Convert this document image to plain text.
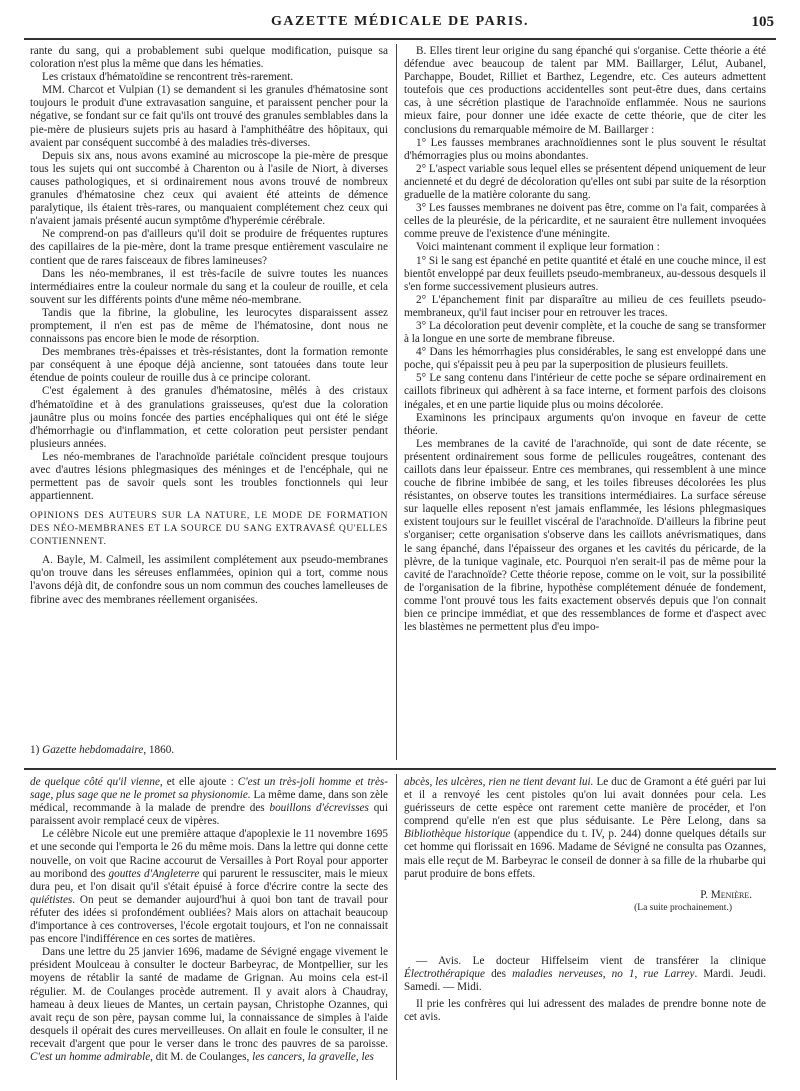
GAZETTE MÉDICALE DE PARIS.	105

rante du sang, qui a probablement subi quelque modification, puisque sa coloration n'est plus la même que dans les hématies.

Les cristaux d'hématoïdine se rencontrent très-rarement.

MM. Charcot et Vulpian (1) se demandent si les granules d'hématosine sont toujours le produit d'une extravasation sanguine, et paraissent pencher pour la négative, se fondant sur ce fait qu'ils ont trouvé des granules semblables dans la pie-mère de plusieurs sujets pris au hasard à l'amphithéâtre des hôpitaux, qui avaient par conséquent succombé à des maladies très-diverses.

Depuis six ans, nous avons examiné au microscope la pie-mère de presque tous les sujets qui ont succombé à Charenton ou à l'asile de Niort, à diverses causes pathologiques, et si ordinairement nous avons trouvé de nombreux granules d'hématosine chez ceux qui avaient été atteints de démence paralytique, ils étaient très-rares, ou manquaient complétement chez ceux qui n'avaient jamais présenté aucun symptôme d'hyperémie cérébrale.

Ne comprend-on pas d'ailleurs qu'il doit se produire de fréquentes ruptures des capillaires de la pie-mère, dont la trame presque entièrement vasculaire ne contient que de rares faisceaux de fibres lamineuses?

Dans les néo-membranes, il est très-facile de suivre toutes les nuances intermédiaires entre la couleur normale du sang et la couleur de rouille, et cela souvent sur les différents points d'une même néo-membrane.

Tandis que la fibrine, la globuline, les leurocytes disparaissent assez promptement, il n'en est pas de même de l'hématosine, dont nous ne connaissons pas encore bien le mode de résorption.

Des membranes très-épaisses et très-résistantes, dont la formation remonte par conséquent à une époque déjà ancienne, sont tatouées dans toute leur étendue de points couleur de rouille dus à ce principe colorant.

C'est également à des granules d'hématosine, mêlés à des cristaux d'hématoïdine et à des granulations graisseuses, qu'est due la coloration jaunâtre plus ou moins foncée des parties encéphaliques qui ont été le siége d'hémorrhagie ou d'inflammation, et cette coloration peut persister pendant plusieurs années.

Les néo-membranes de l'arachnoïde pariétale coïncident presque toujours avec d'autres lésions phlegmasiques des méninges et de l'encéphale, qui ne permettent pas de savoir quels sont les troubles fonctionnels qui leur appartiennent.

OPINIONS DES AUTEURS SUR LA NATURE, LE MODE DE FORMATION DES NÉO-MEMBRANES ET LA SOURCE DU SANG EXTRAVASÉ QU'ELLES CONTIENNENT.

A. Bayle, M. Calmeil, les assimilent complétement aux pseudo-membranes qu'on trouve dans les séreuses enflammées, opinion qui a tort, comme nous l'avons déjà dit, de confondre sous un nom commun des couches lamelleuses de fibrine avec des membranes réellement organisées.

1) Gazette hebdomadaire, 1860.

B. Elles tirent leur origine du sang épanché qui s'organise. Cette théorie a été défendue avec beaucoup de talent par MM. Baillarger, Lélut, Aubanel, Parchappe, Boudet, Rilliet et Barthez, Legendre, etc. Ces auteurs admettent toutefois que ces productions accidentelles sont peut-être dues, dans certains cas, à une sécrétion plastique de l'arachnoïde enflammée. Nous ne saurions mieux faire, pour donner une idée exacte de cette théorie, que de citer les conclusions du remarquable mémoire de M. Baillarger :

1° Les fausses membranes arachnoïdiennes sont le plus souvent le résultat d'hémorragies plus ou moins abondantes.

2° L'aspect variable sous lequel elles se présentent dépend uniquement de leur ancienneté et du degré de décoloration qu'elles ont subi par suite de la résorption graduelle de la matière colorante du sang.

3° Les fausses membranes ne doivent pas être, comme on l'a fait, comparées à celles de la pleurésie, de la péricardite, et ne sauraient être nullement invoquées comme preuve de l'existence d'une méningite.

Voici maintenant comment il explique leur formation :

1° Si le sang est épanché en petite quantité et étalé en une couche mince, il est bientôt enveloppé par deux feuillets pseudo-membraneux, au-dessous desquels il s'en forme successivement plusieurs autres.

2° L'épanchement finit par disparaître au milieu de ces feuillets pseudo-membraneux, qu'il faut inciser pour en retrouver les traces.

3° La décoloration peut devenir complète, et la couche de sang se transformer à la longue en une sorte de membrane fibreuse.

4° Dans les hémorrhagies plus considérables, le sang est enveloppé dans une poche, qui s'épaissit peu à peu par la superposition de plusieurs feuillets.

5° Le sang contenu dans l'intérieur de cette poche se sépare ordinairement en caillots fibrineux qui adhèrent à sa face interne, et forment parfois des cloisons inégales, et en une partie liquide plus ou moins décolorée.

Examinons les principaux arguments qu'on invoque en faveur de cette théorie.

Les membranes de la cavité de l'arachnoïde, qui sont de date récente, se présentent ordinairement sous forme de pellicules rougeâtres, contenant des caillots dans leur épaisseur. Entre ces membranes, qui ressemblent à une mince couche de fibrine imbibée de sang, et les toiles fibreuses décolorées les plus résistantes, on observe toutes les transitions intermédiaires. La surface séreuse sur laquelle elles reposent n'est jamais enflammée, les lésions phlegmasiques existent toujours sur le feuillet viscéral de l'arachnoïde. D'ailleurs la fibrine peut s'organiser; cette organisation s'observe dans les caillots anévrismatiques, dans le sang épanché, dans l'épaisseur des organes et les cavités du péricarde, de la plèvre, de la tunique vaginale, etc. Pourquoi n'en serait-il pas de même pour la cavité de l'arachnoïde? Cette théorie repose, comme on le voit, sur la possibilité de l'organisation de la fibrine, hypothèse complétement dénuée de fondement, comme l'ont prouvé tous les faits exactement observés depuis que l'on connait bien ce principe immédiat, et que des ressemblances de forme et d'aspect avec les blastèmes ne permettent plus d'eu impo-

de quelque côté qu'il vienne, et elle ajoute : C'est un très-joli homme et très-sage, plus sage que ne le promet sa physionomie. La même dame, dans son zèle médical, recommande à la malade de prendre des bouillons d'écrevisses qui paraissent avoir remplacé ceux de vipères.

Le célèbre Nicole eut une première attaque d'apoplexie le 11 novembre 1695 et une seconde qui l'emporta le 26 du même mois. Dans la lettre qui donne cette nouvelle, on voit que Racine accourut de Versailles à Port Royal pour apporter au moribond des gouttes d'Angleterre qui parurent le ressusciter, mais le mieux dura peu, et l'on disait qu'il s'était épuisé à force d'écrire contre la secte des quiétistes. On peut se demander aujourd'hui à quoi bon tant de travail pour réfuter des idées si profondément oubliées? Mais alors on attachait beaucoup d'importance à ces controverses, l'école ergotait toujours, et l'on ne connaissait pas encore l'indifférence en ces sortes de matières.

Dans une lettre du 25 janvier 1696, madame de Sévigné engage vivement le président Moulceau à consulter le docteur Barbeyrac, de Montpellier, sur les moyens de rétablir la santé de madame de Grignan. Au moins cela est-il régulier. M. de Coulanges procède autrement. Il y avait alors à Chaudray, hameau à deux lieues de Mantes, un certain paysan, Christophe Ozannes, qui avait reçu de son père, paysan comme lui, la connaissance de simples à l'aide desquels il opérait des cures merveilleuses. On allait en foule le consulter, il ne recevait d'argent que pour le verser dans le tronc des pauvres de sa paroisse. C'est un homme admirable, dit M. de Coulanges, les cancers, la gravelle, les

abcès, les ulcères, rien ne tient devant lui. Le duc de Gramont a été guéri par lui et il a renvoyé les cent pistoles qu'on lui avait données pour cela. Les guérisseurs de cette espèce ont rarement cette manière de procéder, et l'on comprend qu'elle n'en est que plus séduisante. Le Père Lelong, dans sa Bibliothèque historique (appendice du t. IV, p. 244) donne quelques détails sur cet homme qui florissait en 1696. Madame de Sévigné ne consulta pas Ozannes, mais elle reçut de M. Barbeyrac le conseil de donner à sa fille de la rhubarbe qui parut produire de bons effets.

P. Menière.

(La suite prochainement.)

— Avis. Le docteur Hiffelseim vient de transférer la clinique Électrothérapique des maladies nerveuses, no 1, rue Larrey. Mardi. Jeudi. Samedi. — Midi.

Il prie les confrères qui lui adressent des malades de prendre bonne note de cet avis.
